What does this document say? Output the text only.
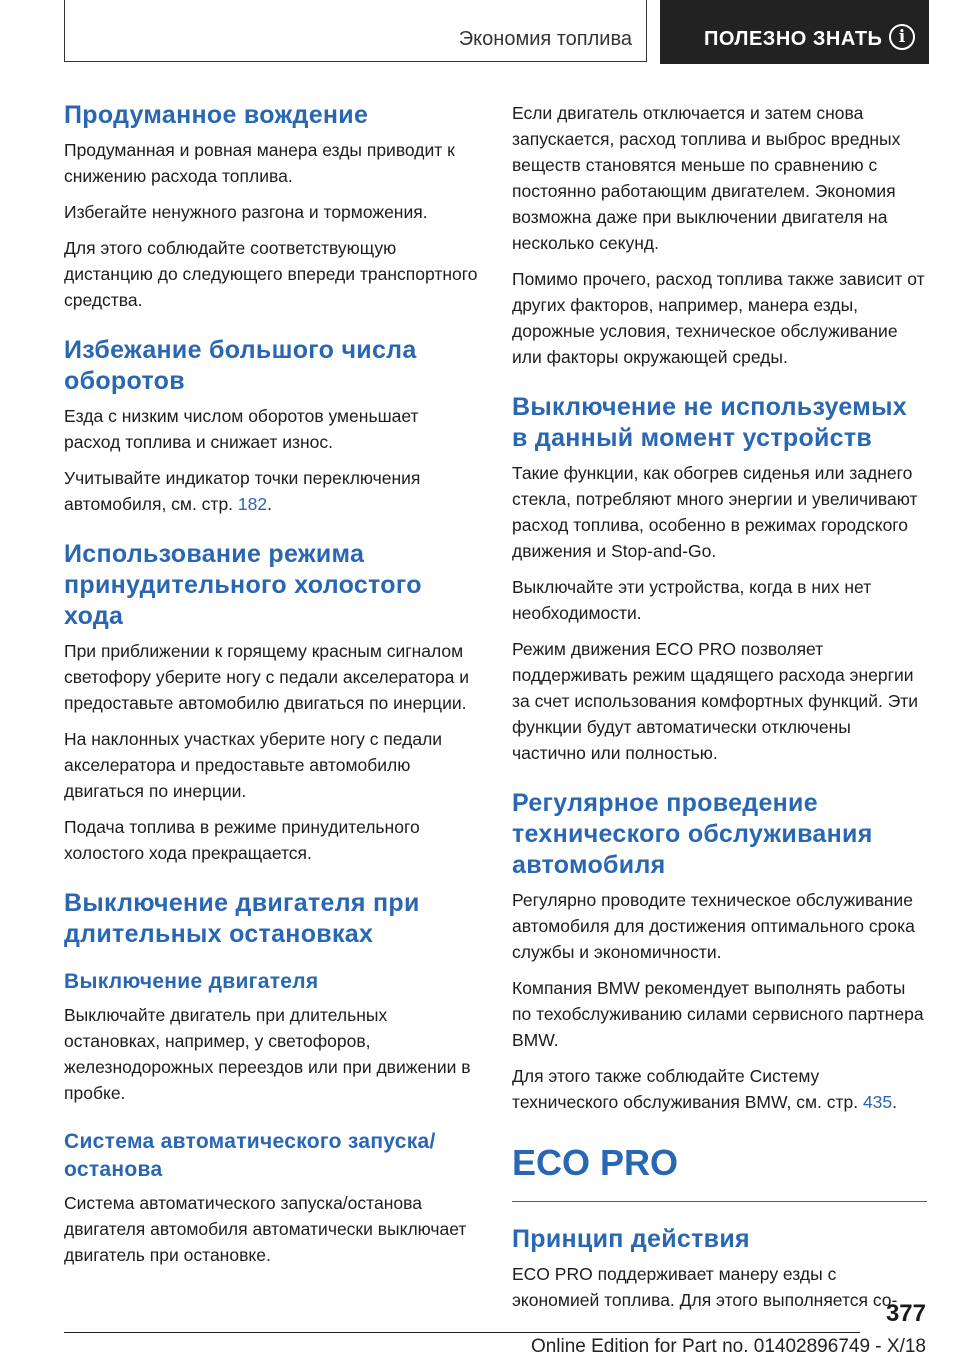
Экономия топлива	ПОЛЕЗНО ЗНАТЬ i
Продуманное вождение

Продуманная и ровная манера езды приводит к снижению расхода топлива.

Избегайте ненужного разгона и торможения.

Для этого соблюдайте соответствующую дистанцию до следующего впереди транспортного средства.

Избежание большого числа оборотов

Езда с низким числом оборотов уменьшает расход топлива и снижает износ.

Учитывайте индикатор точки переключения автомобиля, см. стр. 182.

Использование режима принудительного холостого хода

При приближении к горящему красным сигналом светофору уберите ногу с педали акселератора и предоставьте автомобилю двигаться по инерции.

На наклонных участках уберите ногу с педали акселератора и предоставьте автомобилю двигаться по инерции.

Подача топлива в режиме принудительного холостого хода прекращается.

Выключение двигателя при длительных остановках
Выключение двигателя

Выключайте двигатель при длительных остановках, например, у светофоров, железнодорожных переездов или при движении в пробке.

Система автоматического запуска/останова

Система автоматического запуска/останова двигателя автомобиля автоматически выключает двигатель при остановке.

Если двигатель отключается и затем снова запускается, расход топлива и выброс вредных веществ становятся меньше по сравнению с постоянно работающим двигателем. Экономия возможна даже при выключении двигателя на несколько секунд.

Помимо прочего, расход топлива также зависит от других факторов, например, манера езды, дорожные условия, техническое обслуживание или факторы окружающей среды.

Выключение не используемых в данный момент устройств

Такие функции, как обогрев сиденья или заднего стекла, потребляют много энергии и увеличивают расход топлива, особенно в режимах городского движения и Stop-and-Go.

Выключайте эти устройства, когда в них нет необходимости.

Режим движения ECO PRO позволяет поддерживать режим щадящего расхода энергии за счет использования комфортных функций. Эти функции будут автоматически отключены частично или полностью.

Регулярное проведение технического обслуживания автомобиля

Регулярно проводите техническое обслуживание автомобиля для достижения оптимального срока службы и экономичности.

Компания BMW рекомендует выполнять работы по техобслуживанию силами сервисного партнера BMW.

Для этого также соблюдайте Систему технического обслуживания BMW, см. стр. 435.

ECO PRO
Принцип действия

ECO PRO поддерживает манеру езды с экономией топлива. Для этого выполняется со-

377
Online Edition for Part no. 01402896749 - X/18
